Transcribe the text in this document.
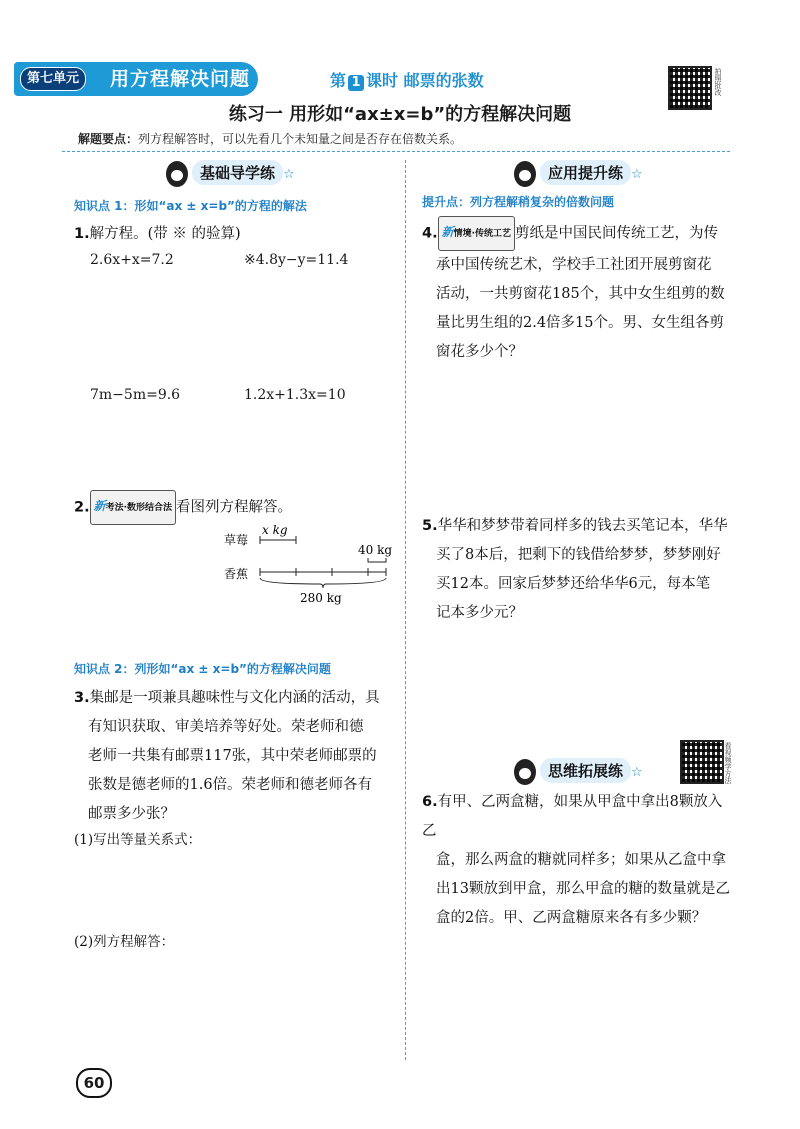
第七单元	用方程解决问题	第 1 课时 邮票的张数	拍照批改
练习一 用形如“ax±x=b”的方程解决问题
解题要点：列方程解答时，可以先看几个未知量之间是否存在倍数关系。
基础导学练 ☆
知识点 1：形如“ax ± x=b”的方程的解法
1.解方程。(带 ※ 的验算)
2.6x+x=7.2	※4.8y−y=11.4
7m−5m=9.6	1.2x+1.3x=10
2. 新考法·数形结合法 看图列方程解答。
草莓
x kg
40 kg
香蕉
280 kg
知识点 2：列形如“ax ± x=b”的方程解决问题
3.集邮是一项兼具趣味性与文化内涵的活动，具
有知识获取、审美培养等好处。荣老师和德
老师一共集有邮票117张，其中荣老师邮票的
张数是德老师的1.6倍。荣老师和德老师各有
邮票多少张？
(1)写出等量关系式：
(2)列方程解答：
应用提升练 ☆
提升点：列方程解稍复杂的倍数问题
4. 新情境·传统工艺 剪纸是中国民间传统工艺，为传
承中国传统艺术，学校手工社团开展剪窗花
活动，一共剪窗花185个，其中女生组剪的数
量比男生组的2.4倍多15个。男、女生组各剪
窗花多少个？
5.华华和梦梦带着同样多的钱去买笔记本，华华
买了8本后，把剩下的钱借给梦梦，梦梦刚好
买12本。回家后梦梦还给华华6元，每本笔
记本多少元？
看视频学方法
思维拓展练 ☆
6.有甲、乙两盒糖，如果从甲盒中拿出8颗放入乙
盒，那么两盒的糖就同样多；如果从乙盒中拿
出13颗放到甲盒，那么甲盒的糖的数量就是乙
盒的2倍。甲、乙两盒糖原来各有多少颗？
60
